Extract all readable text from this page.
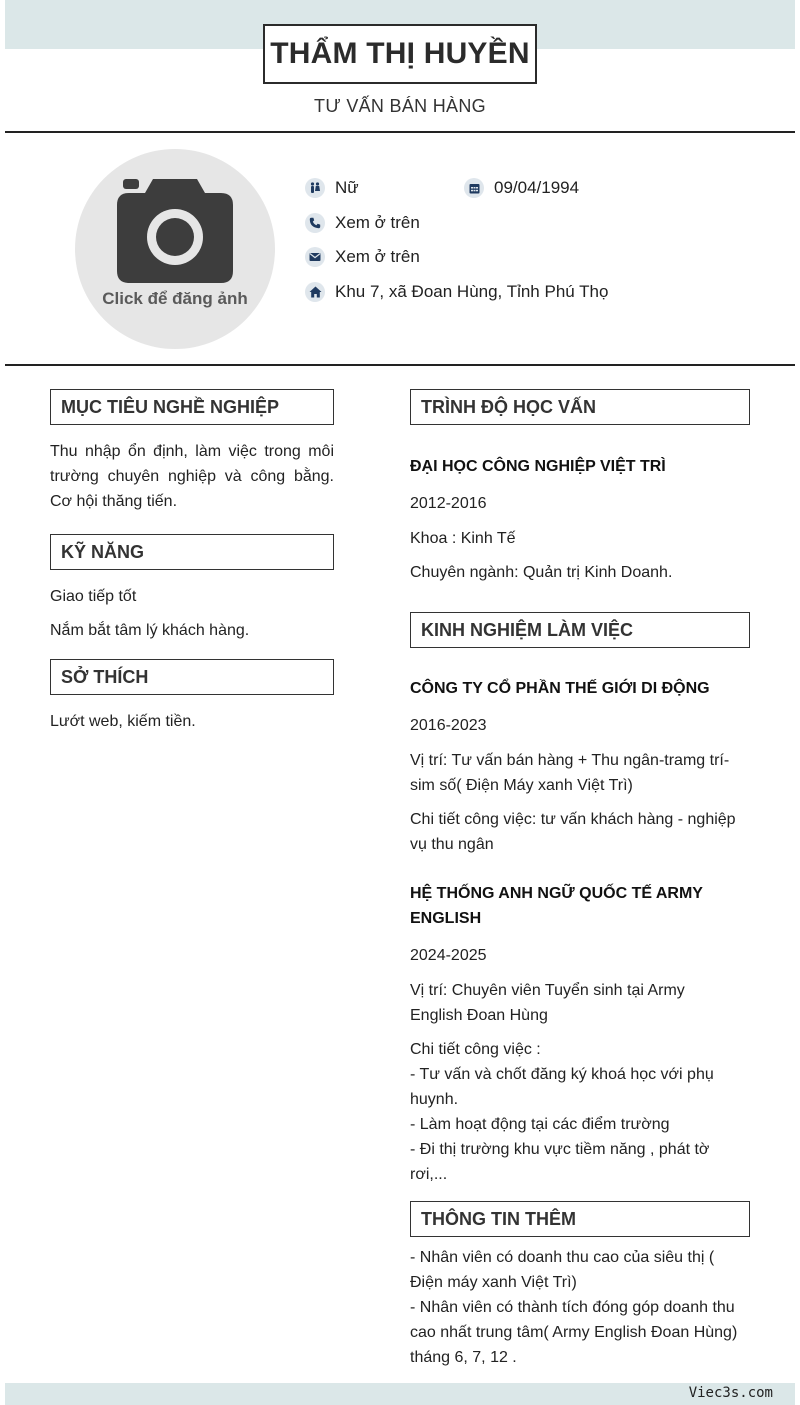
THẨM THỊ HUYỀN
TƯ VẤN BÁN HÀNG
Click để đăng ảnh
Nữ	09/04/1994
Xem ở trên
Xem ở trên
Khu 7, xã Đoan Hùng, Tỉnh Phú Thọ
MỤC TIÊU NGHỀ NGHIỆP
Thu nhập ổn định, làm việc trong môi trường chuyên nghiệp và công bằng. Cơ hội thăng tiến.
KỸ NĂNG
Giao tiếp tốt
Nắm bắt tâm lý khách hàng.
SỞ THÍCH
Lướt web, kiếm tiền.
TRÌNH ĐỘ HỌC VẤN
ĐẠI HỌC CÔNG NGHIỆP VIỆT TRÌ
2012-2016
Khoa : Kinh Tế
Chuyên ngành: Quản trị Kinh Doanh.
KINH NGHIỆM LÀM VIỆC
CÔNG TY CỔ PHẦN THẾ GIỚI DI ĐỘNG
2016-2023
Vị trí: Tư vấn bán hàng + Thu ngân-tramg trí-sim số( Điện Máy xanh Việt Trì)
Chi tiết công việc: tư vấn khách hàng - nghiệp vụ thu ngân
HỆ THỐNG ANH NGỮ QUỐC TẾ ARMY ENGLISH
2024-2025
Vị trí: Chuyên viên Tuyển sinh tại Army English Đoan Hùng
Chi tiết công việc :
- Tư vấn và chốt đăng ký khoá học với phụ huynh.
- Làm hoạt động tại các điểm trường
- Đi thị trường khu vực tiềm năng , phát tờ rơi,...
THÔNG TIN THÊM
- Nhân viên có doanh thu cao của siêu thị ( Điện máy xanh Việt Trì)
- Nhân viên có thành tích đóng góp doanh thu cao nhất trung tâm( Army English Đoan Hùng) tháng 6, 7, 12 .
Viec3s.com
